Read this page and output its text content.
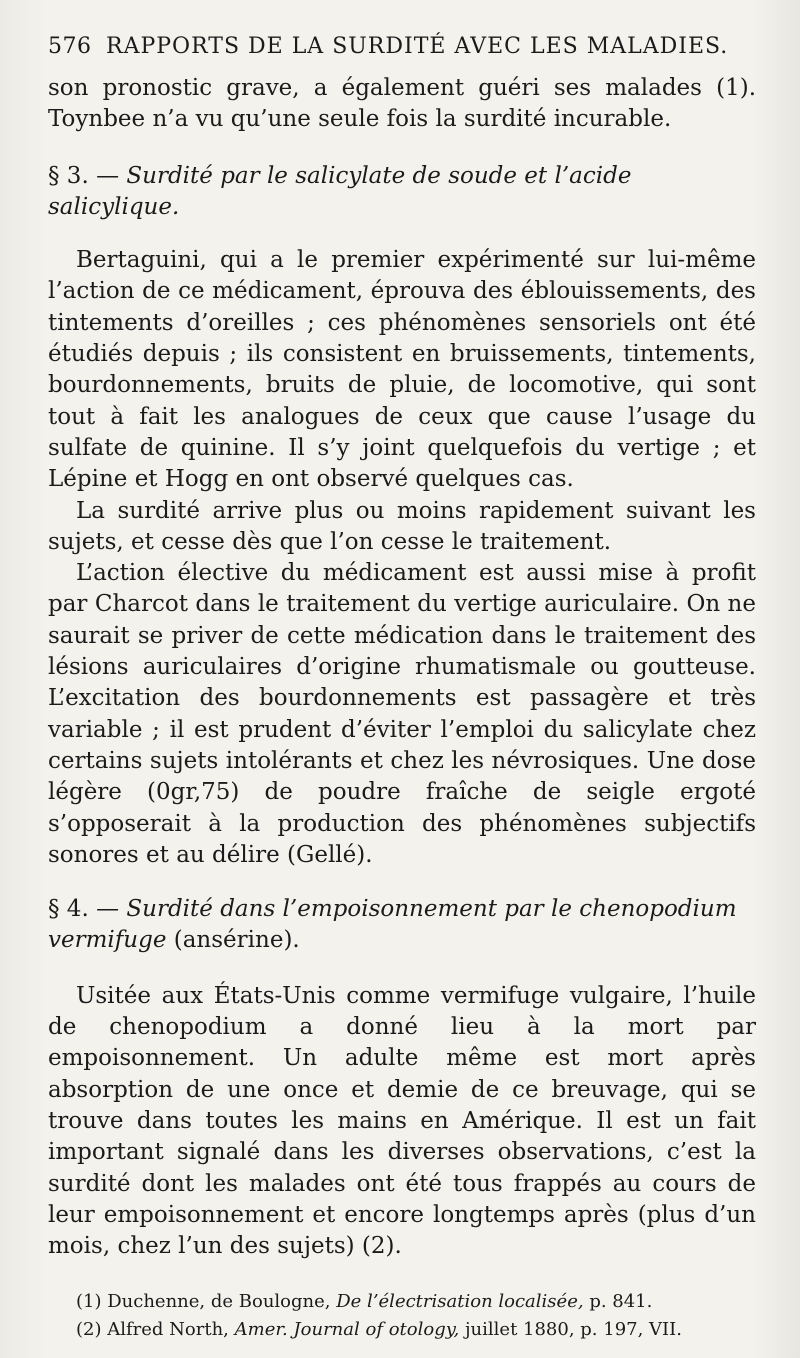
576 RAPPORTS DE LA SURDITÉ AVEC LES MALADIES.

son pronostic grave, a également guéri ses malades (1). Toynbee n’a vu qu’une seule fois la surdité incurable.

§ 3. — Surdité par le salicylate de soude et l’acide salicylique.

Bertaguini, qui a le premier expérimenté sur lui-même l’action de ce médicament, éprouva des éblouissements, des tintements d’oreilles ; ces phénomènes sensoriels ont été étudiés depuis ; ils consistent en bruissements, tintements, bourdonnements, bruits de pluie, de locomotive, qui sont tout à fait les analogues de ceux que cause l’usage du sulfate de quinine. Il s’y joint quelquefois du vertige ; et Lépine et Hogg en ont observé quelques cas.

La surdité arrive plus ou moins rapidement suivant les sujets, et cesse dès que l’on cesse le traitement.

L’action élective du médicament est aussi mise à profit par Charcot dans le traitement du vertige auriculaire. On ne saurait se priver de cette médication dans le traitement des lésions auriculaires d’origine rhumatismale ou goutteuse. L’excitation des bourdonnements est passagère et très variable ; il est prudent d’éviter l’emploi du salicylate chez certains sujets intolérants et chez les névrosiques. Une dose légère (0gr,75) de poudre fraîche de seigle ergoté s’opposerait à la production des phénomènes subjectifs sonores et au délire (Gellé).

§ 4. — Surdité dans l’empoisonnement par le chenopodium vermifuge (ansérine).

Usitée aux États-Unis comme vermifuge vulgaire, l’huile de chenopodium a donné lieu à la mort par empoisonnement. Un adulte même est mort après absorption de une once et demie de ce breuvage, qui se trouve dans toutes les mains en Amérique. Il est un fait important signalé dans les diverses observations, c’est la surdité dont les malades ont été tous frappés au cours de leur empoisonnement et encore longtemps après (plus d’un mois, chez l’un des sujets) (2).

(1) Duchenne, de Boulogne, De l’électrisation localisée, p. 841.

(2) Alfred North, Amer. Journal of otology, juillet 1880, p. 197, VII.
